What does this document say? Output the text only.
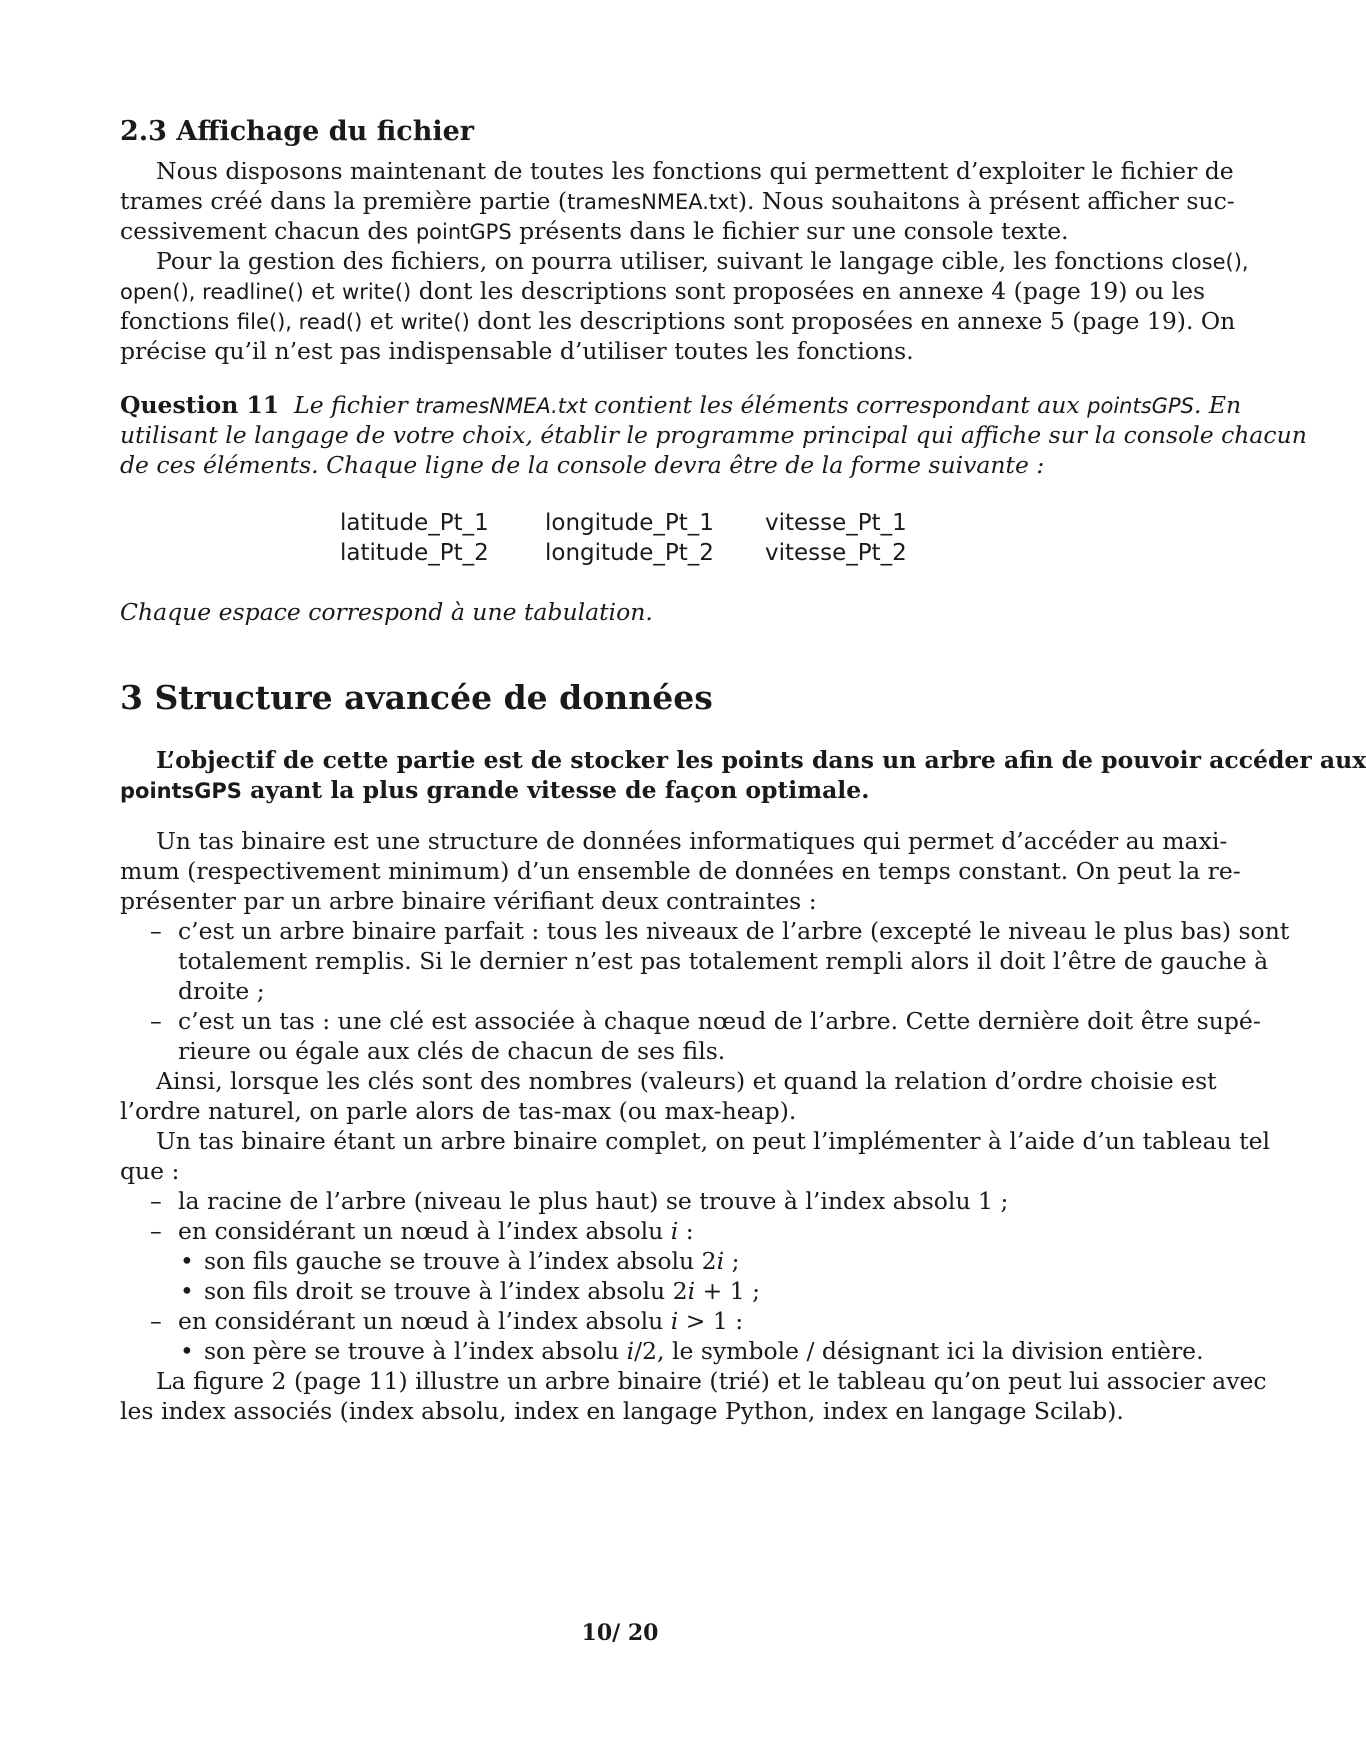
2.3 Affichage du fichier
Nous disposons maintenant de toutes les fonctions qui permettent d’exploiter le fichier de
trames créé dans la première partie (tramesNMEA.txt). Nous souhaitons à présent afficher suc-
cessivement chacun des pointGPS présents dans le fichier sur une console texte.
Pour la gestion des fichiers, on pourra utiliser, suivant le langage cible, les fonctions close(),
open(), readline() et write() dont les descriptions sont proposées en annexe 4 (page 19) ou les
fonctions file(), read() et write() dont les descriptions sont proposées en annexe 5 (page 19). On
précise qu’il n’est pas indispensable d’utiliser toutes les fonctions.
Question 11 Le fichier tramesNMEA.txt contient les éléments correspondant aux pointsGPS. En
utilisant le langage de votre choix, établir le programme principal qui affiche sur la console chacun
de ces éléments. Chaque ligne de la console devra être de la forme suivante :
latitude_Pt_1 longitude_Pt_1 vitesse_Pt_1
latitude_Pt_2 longitude_Pt_2 vitesse_Pt_2
Chaque espace correspond à une tabulation.
3 Structure avancée de données
L’objectif de cette partie est de stocker les points dans un arbre afin de pouvoir accéder aux
pointsGPS ayant la plus grande vitesse de façon optimale.
Un tas binaire est une structure de données informatiques qui permet d’accéder au maxi-
mum (respectivement minimum) d’un ensemble de données en temps constant. On peut la re-
présenter par un arbre binaire vérifiant deux contraintes :
– c’est un arbre binaire parfait : tous les niveaux de l’arbre (excepté le niveau le plus bas) sont
totalement remplis. Si le dernier n’est pas totalement rempli alors il doit l’être de gauche à
droite ;
– c’est un tas : une clé est associée à chaque nœud de l’arbre. Cette dernière doit être supé-
rieure ou égale aux clés de chacun de ses fils.
Ainsi, lorsque les clés sont des nombres (valeurs) et quand la relation d’ordre choisie est
l’ordre naturel, on parle alors de tas-max (ou max-heap).
Un tas binaire étant un arbre binaire complet, on peut l’implémenter à l’aide d’un tableau tel
que :
– la racine de l’arbre (niveau le plus haut) se trouve à l’index absolu 1 ;
– en considérant un nœud à l’index absolu i :
• son fils gauche se trouve à l’index absolu 2i ;
• son fils droit se trouve à l’index absolu 2i + 1 ;
– en considérant un nœud à l’index absolu i > 1 :
• son père se trouve à l’index absolu i/2, le symbole / désignant ici la division entière.
La figure 2 (page 11) illustre un arbre binaire (trié) et le tableau qu’on peut lui associer avec
les index associés (index absolu, index en langage Python, index en langage Scilab).
10/ 20
